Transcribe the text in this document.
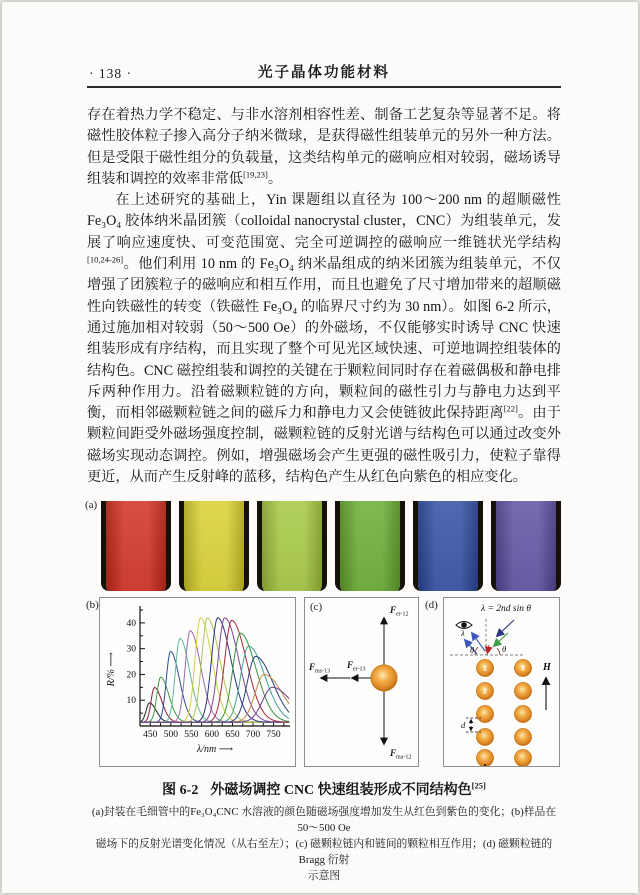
· 138 ·	光子晶体功能材料

存在着热力学不稳定、与非水溶剂相容性差、制备工艺复杂等显著不足。将磁性胶体粒子掺入高分子纳米微球，是获得磁性组装单元的另外一种方法。但是受限于磁性组分的负载量，这类结构单元的磁响应相对较弱，磁场诱导组装和调控的效率非常低[19,23]。

在上述研究的基础上，Yin 课题组以直径为 100～200 nm 的超顺磁性 Fe₃O₄ 胶体纳米晶团簇（colloidal nanocrystal cluster，CNC）为组装单元，发展了响应速度快、可变范围宽、完全可逆调控的磁响应一维链状光学结构[10,24-26]。他们利用 10 nm 的 Fe₃O₄ 纳米晶组成的纳米团簇为组装单元，不仅增强了团簇粒子的磁响应和相互作用，而且也避免了尺寸增加带来的超顺磁性向铁磁性的转变（铁磁性 Fe₃O₄ 的临界尺寸约为 30 nm）。如图 6-2 所示，通过施加相对较弱（50～500 Oe）的外磁场，不仅能够实时诱导 CNC 快速组装形成有序结构，而且实现了整个可见光区域快速、可逆地调控组装体的结构色。CNC 磁控组装和调控的关键在于颗粒间同时存在着磁偶极和静电排斥两种作用力。沿着磁颗粒链的方向，颗粒间的磁性引力与静电力达到平衡，而相邻磁颗粒链之间的磁斥力和静电力又会使链彼此保持距离[22]。由于颗粒间距受外磁场强度控制，磁颗粒链的反射光谱与结构色可以通过改变外磁场实现动态调控。例如，增强磁场会产生更强的磁性吸引力，使粒子靠得更近，从而产生反射峰的蓝移，结构色产生从红色向紫色的相应变化。

(a)
(b)
450 500 550 600 650 700 750
10
20
30
40
R/% ⟶
λ/nm ⟶
(c)	Fer-12
Fma-12
Fms-13
Fer-13
(d)	λ = 2nd sin θ
λ
θ	θ
1
2
3
d
H
图 6-2 外磁场调控 CNC 快速组装形成不同结构色[25]
(a)封装在毛细管中的Fe₃O₄CNC 水溶液的颜色随磁场强度增加发生从红色到紫色的变化；(b)样品在 50～500 Oe
磁场下的反射光谱变化情况（从右至左）；(c) 磁颗粒链内和链间的颗粒相互作用；(d) 磁颗粒链的 Bragg 衍射
示意图
